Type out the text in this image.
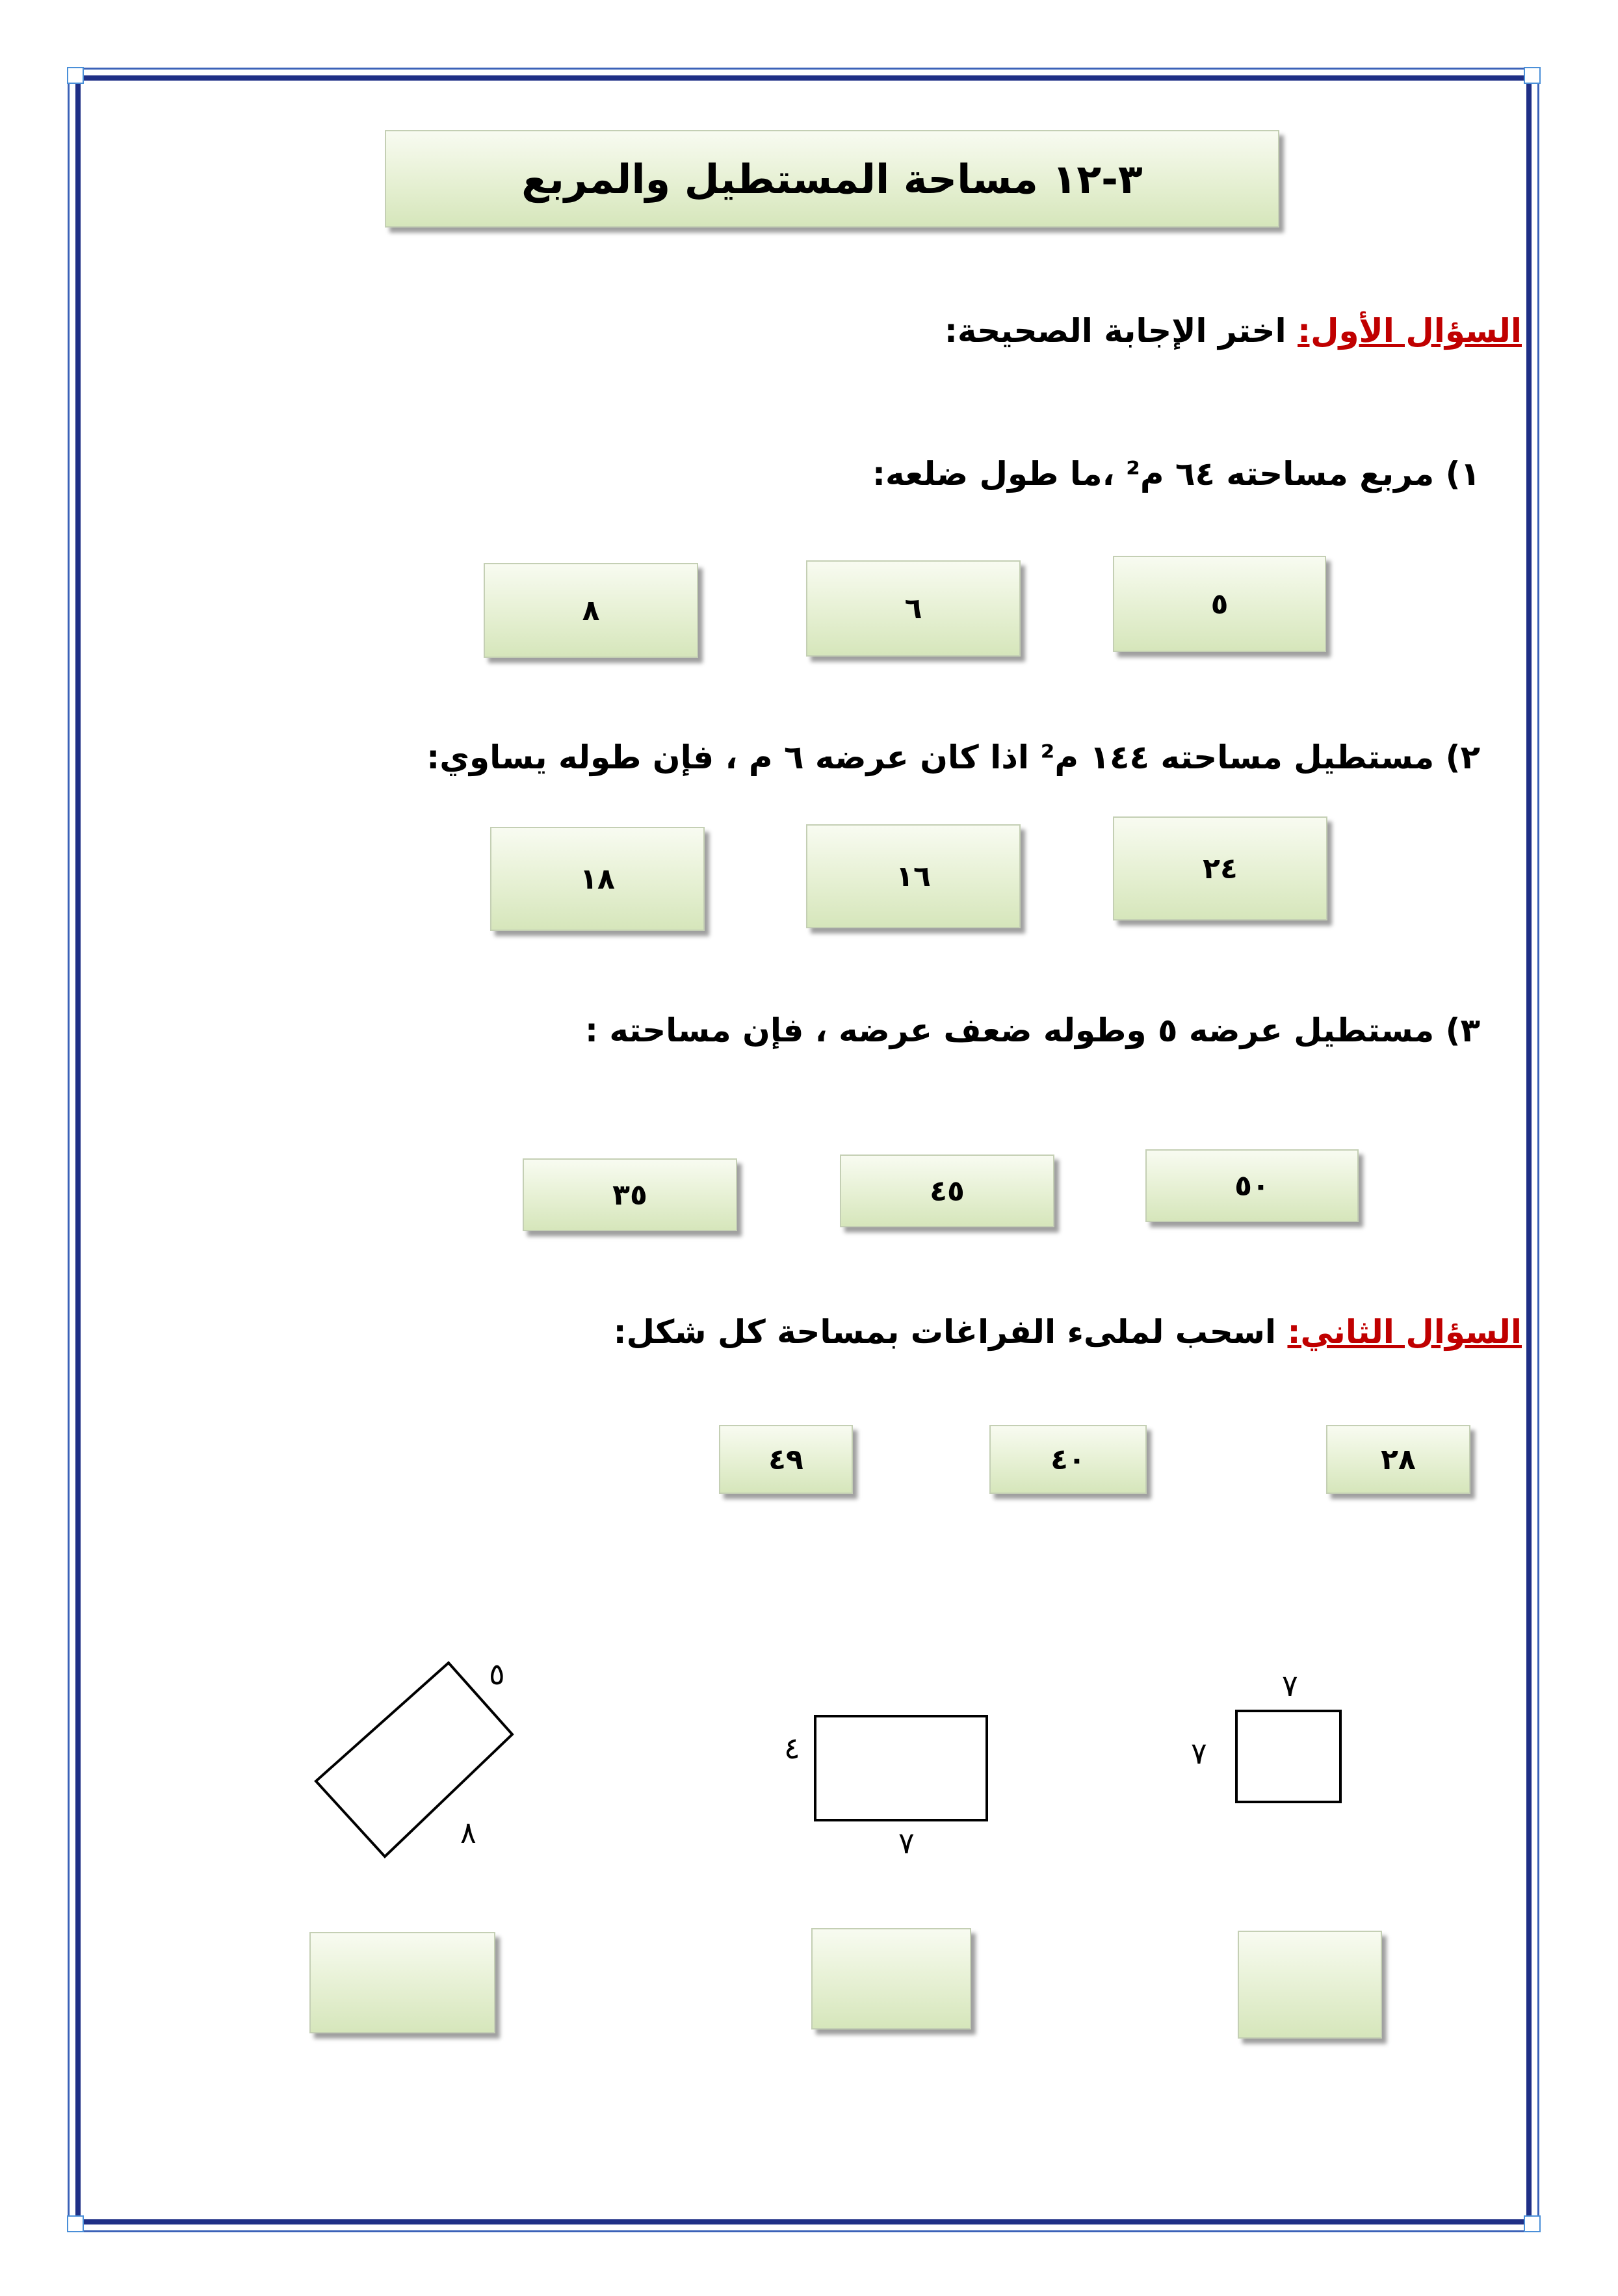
٣-١٢ مساحة المستطيل والمربع
السؤال الأول: اختر الإجابة الصحيحة:
١) مربع مساحته ٦٤ م² ،ما طول ضلعه:
٥
٦
٨
٢) مستطيل مساحته ١٤٤ م² اذا كان عرضه ٦ م ، فإن طوله يساوي:
٢٤
١٦
١٨
٣) مستطيل عرضه ٥ وطوله ضعف عرضه ، فإن مساحته :
٥٠
٤٥
٣٥
السؤال الثاني: اسحب لملىء الفراغات بمساحة كل شكل:
٢٨
٤٠
٤٩
٧
٧
٤
٧
٥
٨
